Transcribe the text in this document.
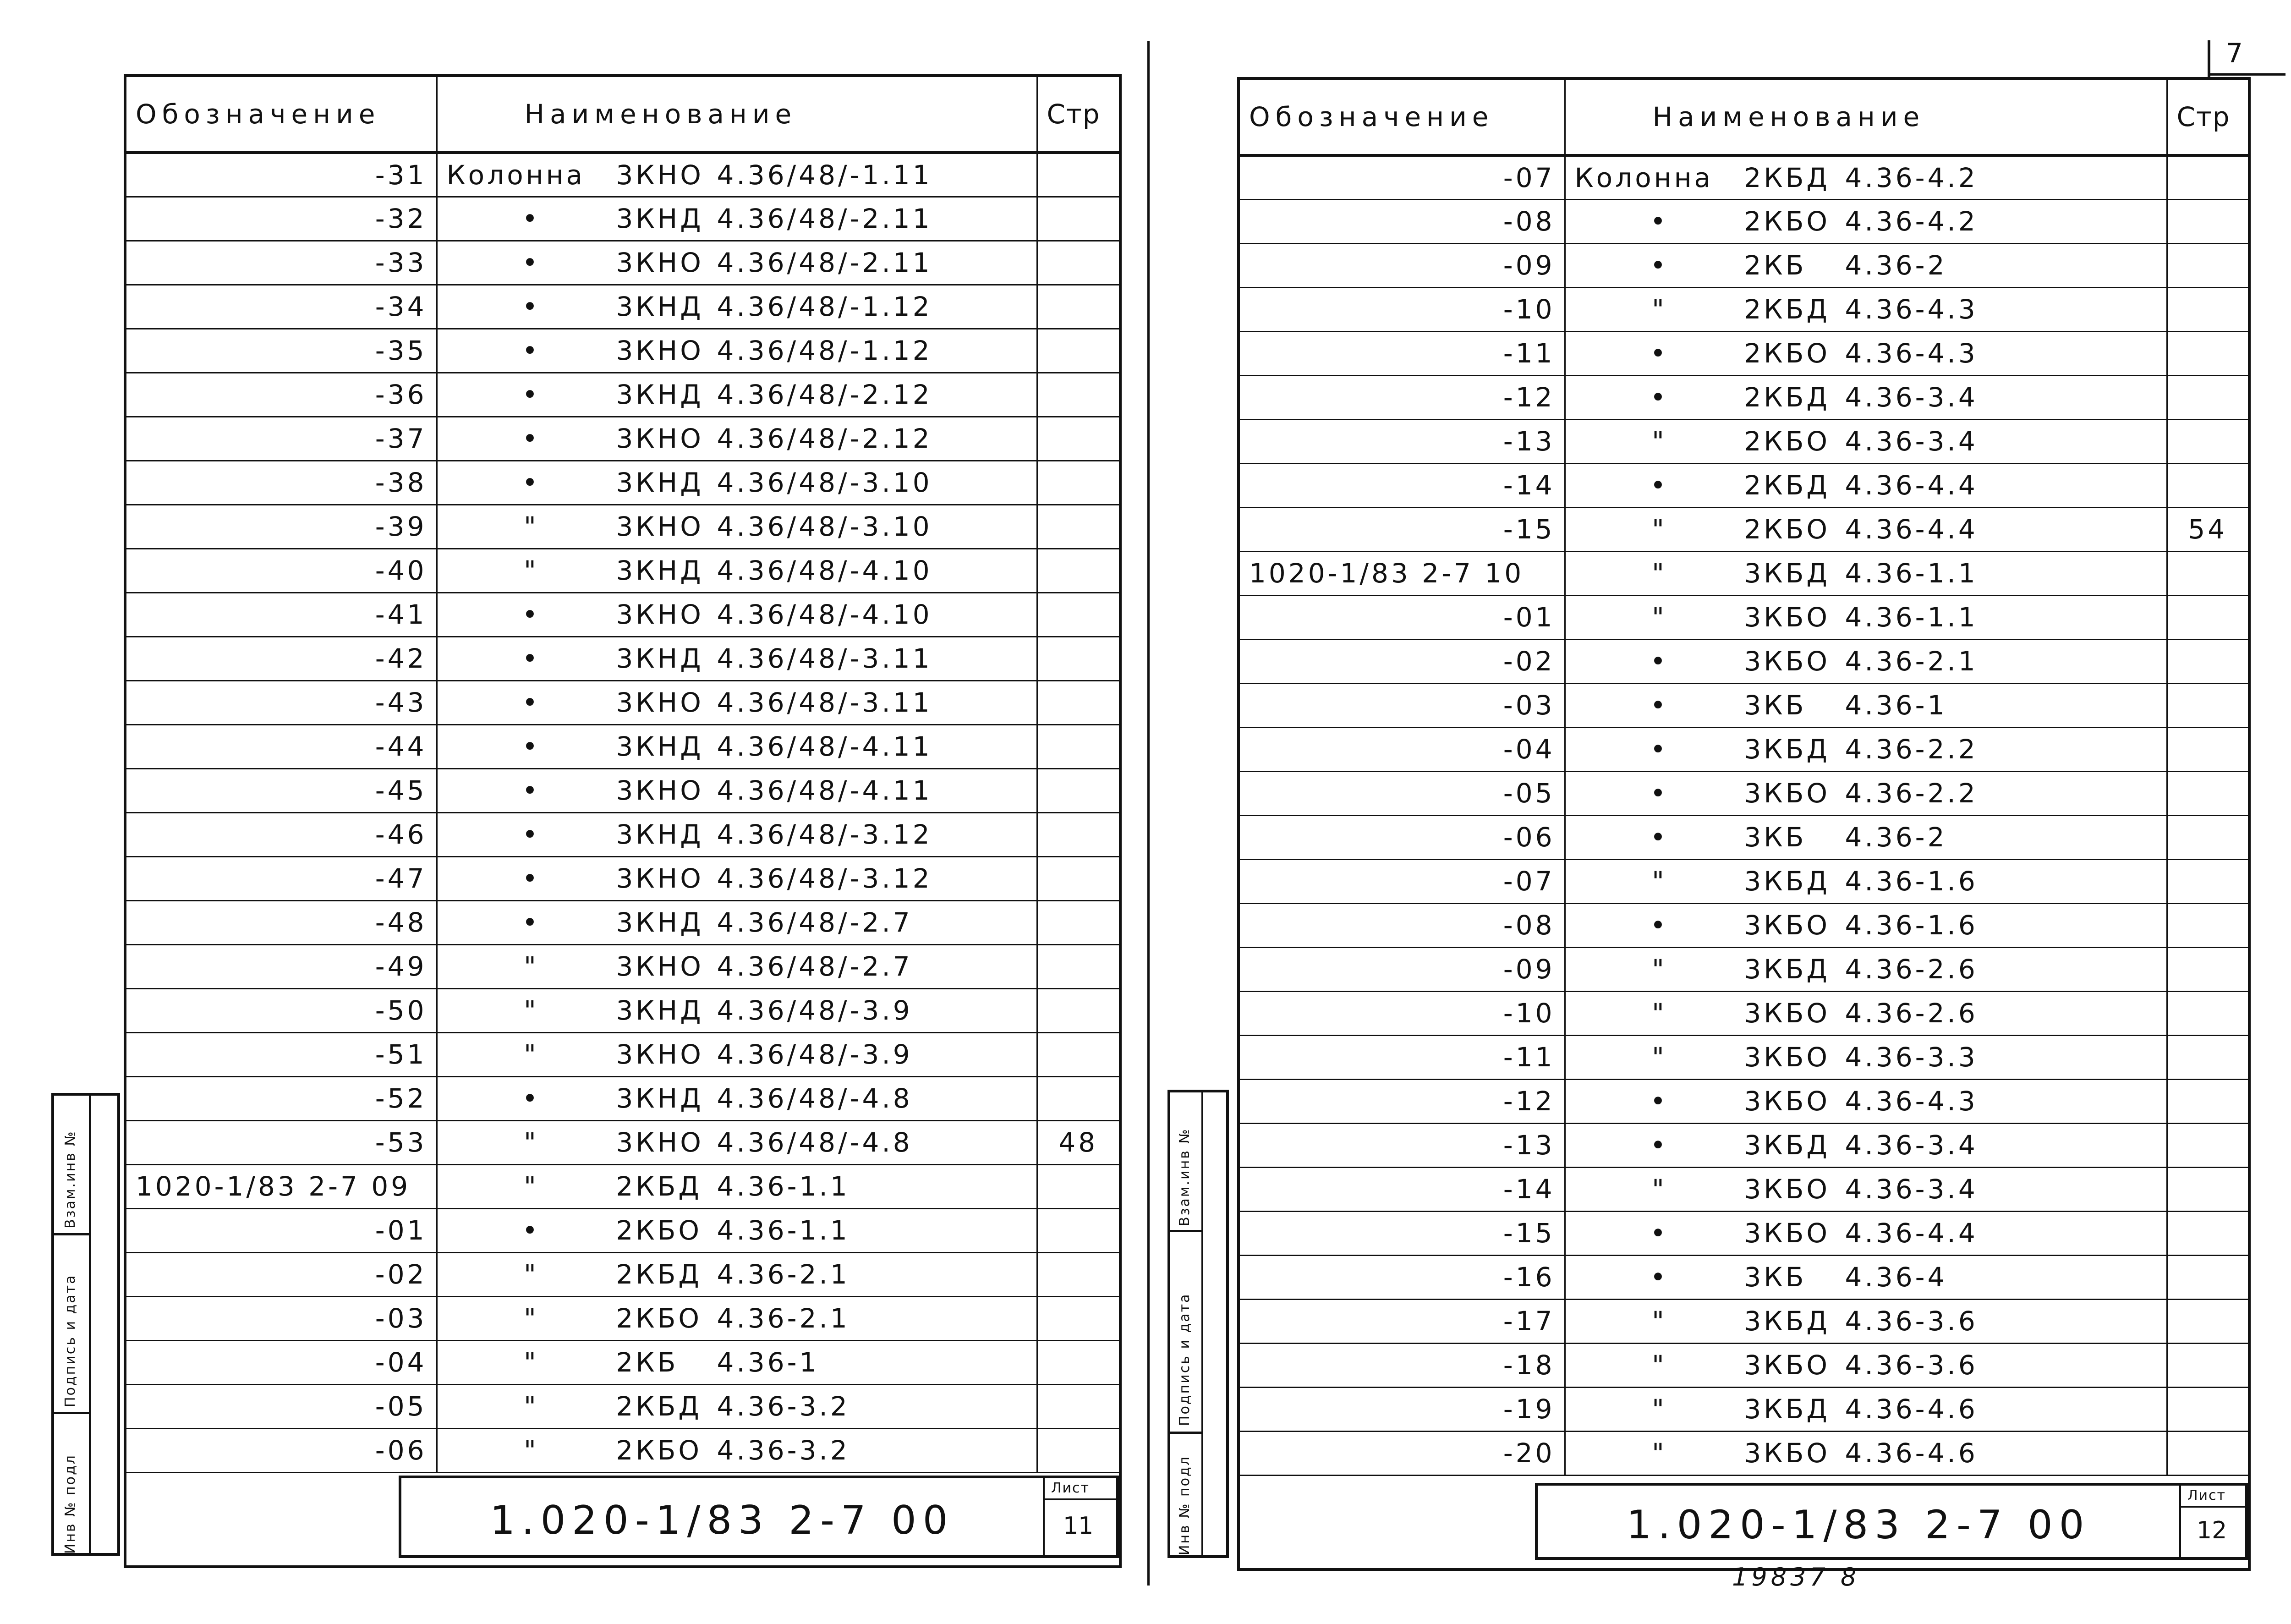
7
Взам.инв №
Подпись и дата
Инв № подл
Обозначение	Наименование	Стр
-31	Колонна 3КНО 4.36/48/-1.11	
-32	• 3КНД 4.36/48/-2.11	
-33	• 3КНО 4.36/48/-2.11	
-34	• 3КНД 4.36/48/-1.12	
-35	• 3КНО 4.36/48/-1.12	
-36	• 3КНД 4.36/48/-2.12	
-37	• 3КНО 4.36/48/-2.12	
-38	• 3КНД 4.36/48/-3.10	
-39	" 3КНО 4.36/48/-3.10	
-40	" 3КНД 4.36/48/-4.10	
-41	• 3КНО 4.36/48/-4.10	
-42	• 3КНД 4.36/48/-3.11	
-43	• 3КНО 4.36/48/-3.11	
-44	• 3КНД 4.36/48/-4.11	
-45	• 3КНО 4.36/48/-4.11	
-46	• 3КНД 4.36/48/-3.12	
-47	• 3КНО 4.36/48/-3.12	
-48	• 3КНД 4.36/48/-2.7	
-49	" 3КНО 4.36/48/-2.7	
-50	" 3КНД 4.36/48/-3.9	
-51	" 3КНО 4.36/48/-3.9	
-52	• 3КНД 4.36/48/-4.8	
-53	" 3КНО 4.36/48/-4.8	48
1020-1/83 2-7 09	" 2КБД 4.36-1.1	
-01	• 2КБО 4.36-1.1	
-02	" 2КБД 4.36-2.1	
-03	" 2КБО 4.36-2.1	
-04	" 2КБ 4.36-1	
-05	" 2КБД 4.36-3.2	
-06	" 2КБО 4.36-3.2	

1.020-1/83 2-7 00
Лист
11
Взам.инв №
Подпись и дата
Инв № подл
Обозначение	Наименование	Стр
-07	Колонна 2КБД 4.36-4.2	
-08	• 2КБО 4.36-4.2	
-09	• 2КБ 4.36-2	
-10	" 2КБД 4.36-4.3	
-11	• 2КБО 4.36-4.3	
-12	• 2КБД 4.36-3.4	
-13	" 2КБО 4.36-3.4	
-14	• 2КБД 4.36-4.4	
-15	" 2КБО 4.36-4.4	54
1020-1/83 2-7 10	" 3КБД 4.36-1.1	
-01	" 3КБО 4.36-1.1	
-02	• 3КБО 4.36-2.1	
-03	• 3КБ 4.36-1	
-04	• 3КБД 4.36-2.2	
-05	• 3КБО 4.36-2.2	
-06	• 3КБ 4.36-2	
-07	" 3КБД 4.36-1.6	
-08	• 3КБО 4.36-1.6	
-09	" 3КБД 4.36-2.6	
-10	" 3КБО 4.36-2.6	
-11	" 3КБО 4.36-3.3	
-12	• 3КБО 4.36-4.3	
-13	• 3КБД 4.36-3.4	
-14	" 3КБО 4.36-3.4	
-15	• 3КБО 4.36-4.4	
-16	• 3КБ 4.36-4	
-17	" 3КБД 4.36-3.6	
-18	" 3КБО 4.36-3.6	
-19	" 3КБД 4.36-4.6	
-20	" 3КБО 4.36-4.6	

1.020-1/83 2-7 00
Лист
12
19837 8
